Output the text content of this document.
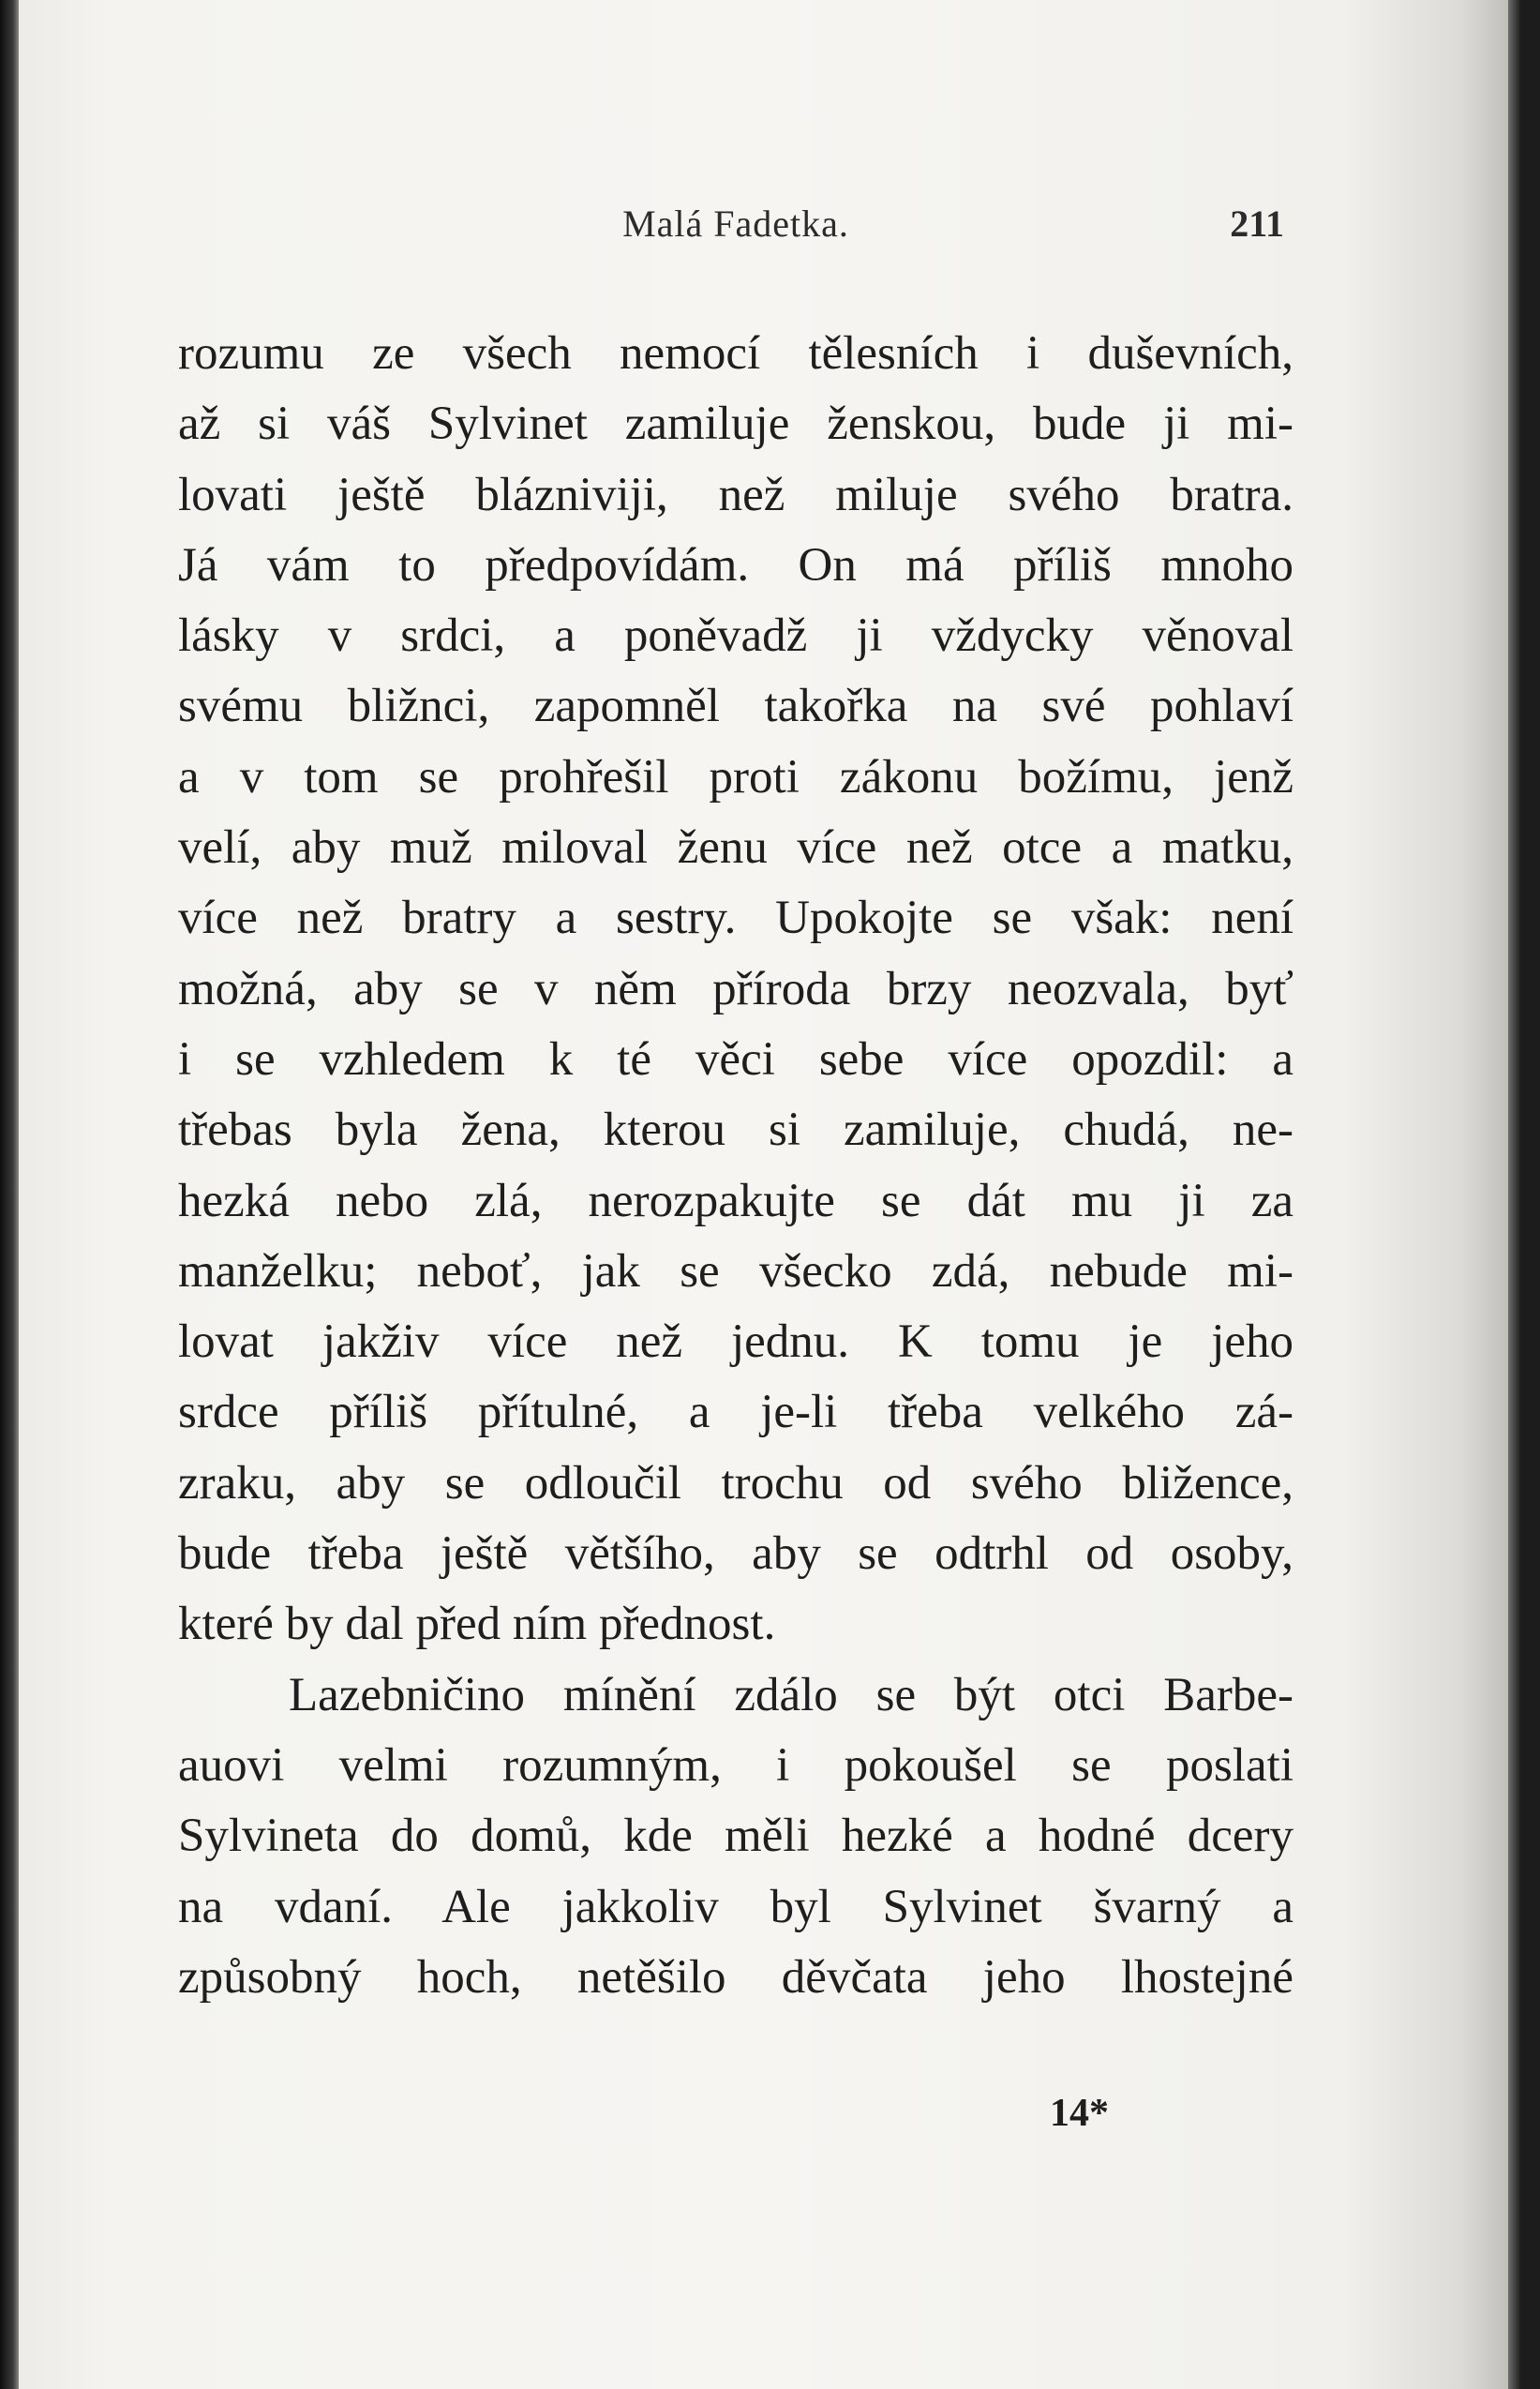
Malá Fadetka.	211
rozumu ze všech nemocí tělesních i duševních,
až si váš Sylvinet zamiluje ženskou, bude ji mi-
lovati ještě blázniviji, než miluje svého bratra.
Já vám to předpovídám. On má příliš mnoho
lásky v srdci, a poněvadž ji vždycky věnoval
svému bližnci, zapomněl takořka na své pohlaví
a v tom se prohřešil proti zákonu božímu, jenž
velí, aby muž miloval ženu více než otce a matku,
více než bratry a sestry. Upokojte se však: není
možná, aby se v něm příroda brzy neozvala, byť
i se vzhledem k té věci sebe více opozdil: a
třebas byla žena, kterou si zamiluje, chudá, ne-
hezká nebo zlá, nerozpakujte se dát mu ji za
manželku; neboť, jak se všecko zdá, nebude mi-
lovat jakživ více než jednu. K tomu je jeho
srdce příliš přítulné, a je-li třeba velkého zá-
zraku, aby se odloučil trochu od svého bližence,
bude třeba ještě většího, aby se odtrhl od osoby,
které by dal před ním přednost.
Lazebničino mínění zdálo se být otci Barbe-
auovi velmi rozumným, i pokoušel se poslati
Sylvineta do domů, kde měli hezké a hodné dcery
na vdaní. Ale jakkoliv byl Sylvinet švarný a
způsobný hoch, netěšilo děvčata jeho lhostejné
14*
